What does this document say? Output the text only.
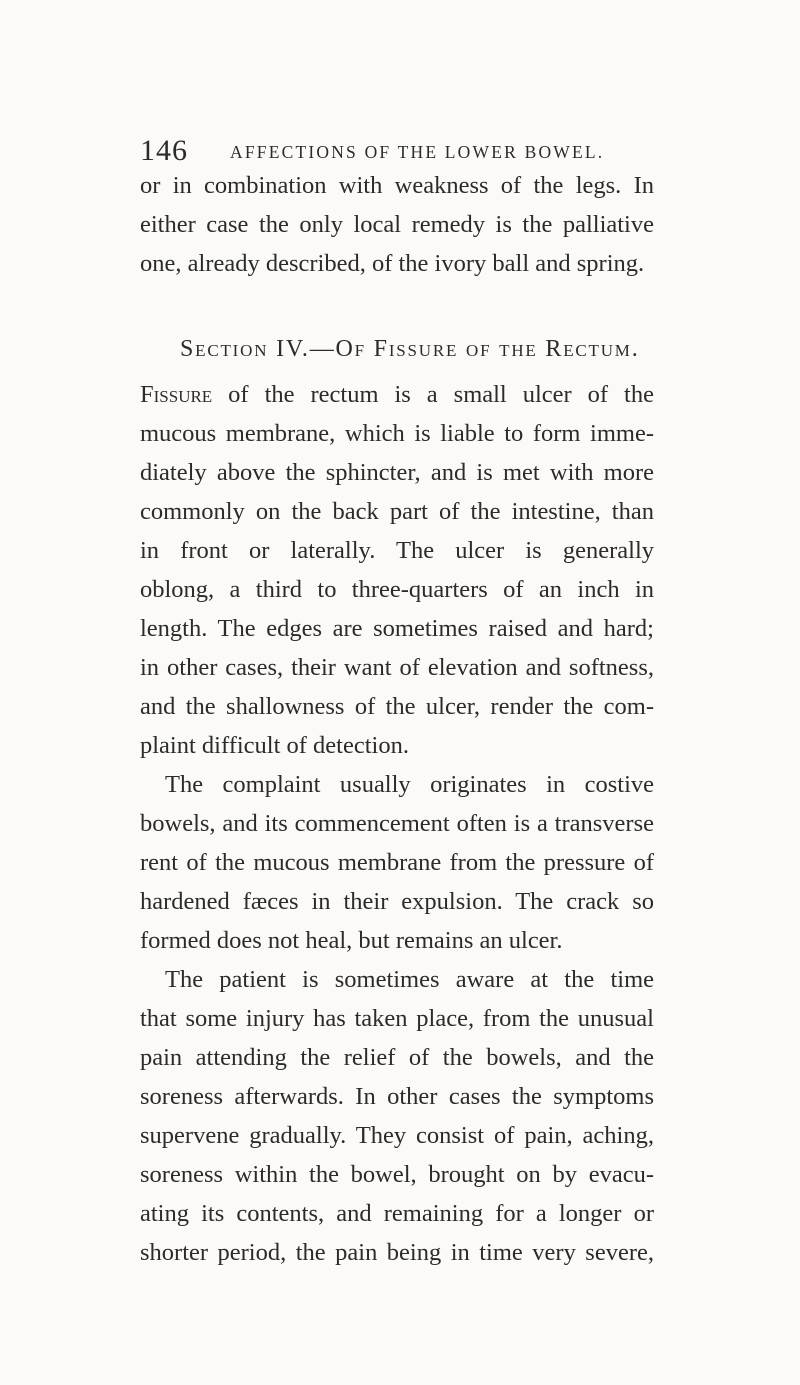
146 AFFECTIONS OF THE LOWER BOWEL.
or in combination with weakness of the legs. In
either case the only local remedy is the palliative
one, already described, of the ivory ball and spring.
Section IV.—Of Fissure of the Rectum.
Fissure of the rectum is a small ulcer of the
mucous membrane, which is liable to form imme-
diately above the sphincter, and is met with more
commonly on the back part of the intestine, than
in front or laterally. The ulcer is generally
oblong, a third to three-quarters of an inch in
length. The edges are sometimes raised and hard;
in other cases, their want of elevation and softness,
and the shallowness of the ulcer, render the com-
plaint difficult of detection.
The complaint usually originates in costive
bowels, and its commencement often is a transverse
rent of the mucous membrane from the pressure of
hardened fæces in their expulsion. The crack so
formed does not heal, but remains an ulcer.
The patient is sometimes aware at the time
that some injury has taken place, from the unusual
pain attending the relief of the bowels, and the
soreness afterwards. In other cases the symptoms
supervene gradually. They consist of pain, aching,
soreness within the bowel, brought on by evacu-
ating its contents, and remaining for a longer or
shorter period, the pain being in time very severe,
